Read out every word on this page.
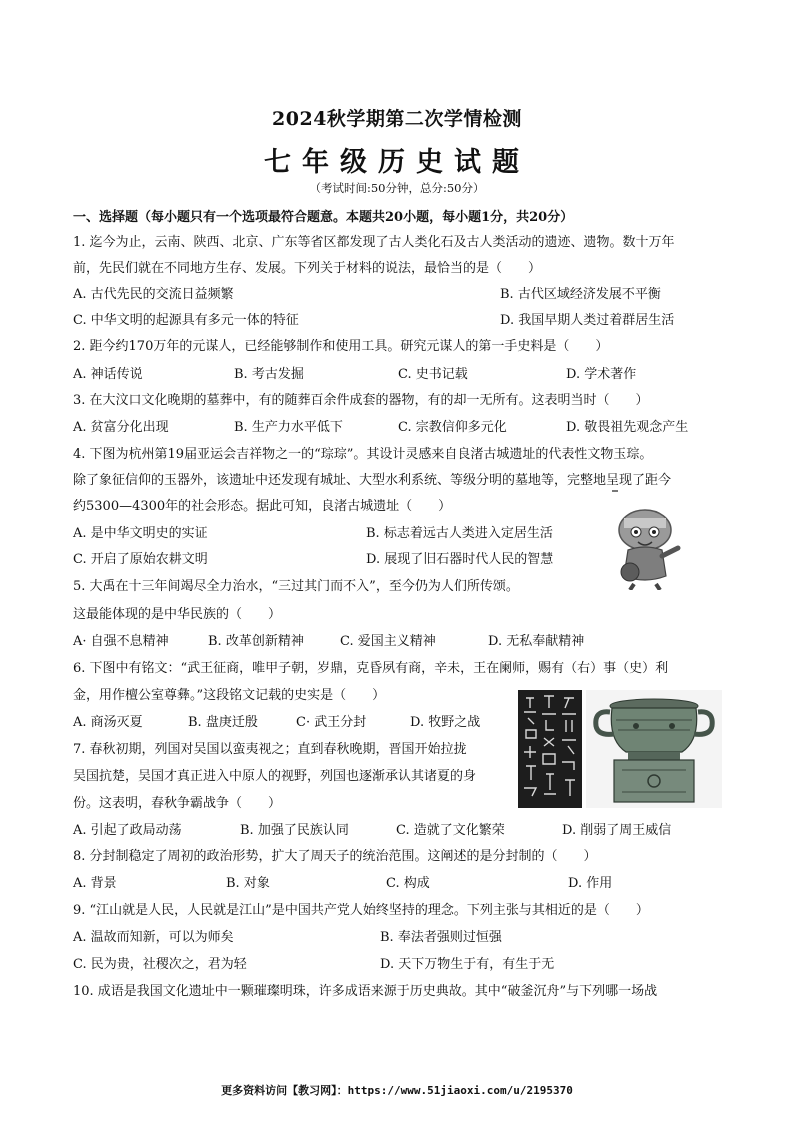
2024秋学期第二次学情检测
七年级历史试题
（考试时间:50分钟，总分:50分）
一、选择题（每小题只有一个选项最符合题意。本题共20小题，每小题1分，共20分）
1. 迄今为止，云南、陕西、北京、广东等省区都发现了古人类化石及古人类活动的遗迹、遗物。数十万年
前，先民们就在不同地方生存、发展。下列关于材料的说法，最恰当的是（　　）
A. 古代先民的交流日益频繁	B. 古代区域经济发展不平衡
C. 中华文明的起源具有多元一体的特征	D. 我国早期人类过着群居生活
2. 距今约170万年的元谋人，已经能够制作和使用工具。研究元谋人的第一手史料是（　　）
A. 神话传说	B. 考古发掘	C. 史书记载	D. 学术著作
3. 在大汶口文化晚期的墓葬中，有的随葬百余件成套的器物，有的却一无所有。这表明当时（　　）
A. 贫富分化出现	B. 生产力水平低下	C. 宗教信仰多元化	D. 敬畏祖先观念产生
4. 下图为杭州第19届亚运会吉祥物之一的“琮琮”。其设计灵感来自良渚古城遗址的代表性文物玉琮。
除了象征信仰的玉器外，该遗址中还发现有城址、大型水利系统、等级分明的墓地等，完整地呈现了距今
约5300—4300年的社会形态。据此可知，良渚古城遗址（　　）
A. 是中华文明史的实证	B. 标志着远古人类进入定居生活
C. 开启了原始农耕文明	D. 展现了旧石器时代人民的智慧
5. 大禹在十三年间竭尽全力治水，“三过其门而不入”，至今仍为人们所传颂。
这最能体现的是中华民族的（　　）
A· 自强不息精神	B. 改革创新精神	C. 爱国主义精神	D. 无私奉献精神
6. 下图中有铭文：“武王征商，唯甲子朝，岁鼎，克昏夙有商，辛未，王在阑师，赐有（右）事（史）利
金，用作檀公室尊彝。”这段铭文记载的史实是（　　）
A. 商汤灭夏	B. 盘庚迁殷	C· 武王分封	D. 牧野之战
7. 春秋初期，列国对吴国以蛮夷视之；直到春秋晚期，晋国开始拉拢
吴国抗楚，吴国才真正进入中原人的视野，列国也逐渐承认其诸夏的身
份。这表明，春秋争霸战争（　　）
A. 引起了政局动荡	B. 加强了民族认同	C. 造就了文化繁荣	D. 削弱了周王威信
8. 分封制稳定了周初的政治形势，扩大了周天子的统治范围。这阐述的是分封制的（　　）
A. 背景	B. 对象	C. 构成	D. 作用
9. “江山就是人民，人民就是江山”是中国共产党人始终坚持的理念。下列主张与其相近的是（　　）
A. 温故而知新，可以为师矣	B. 奉法者强则过恒强
C. 民为贵，社稷次之，君为轻	D. 天下万物生于有，有生于无
10. 成语是我国文化遗址中一颗璀璨明珠，许多成语来源于历史典故。其中“破釜沉舟”与下列哪一场战
更多资料访问【教习网】：https://www.51jiaoxi.com/u/2195370
